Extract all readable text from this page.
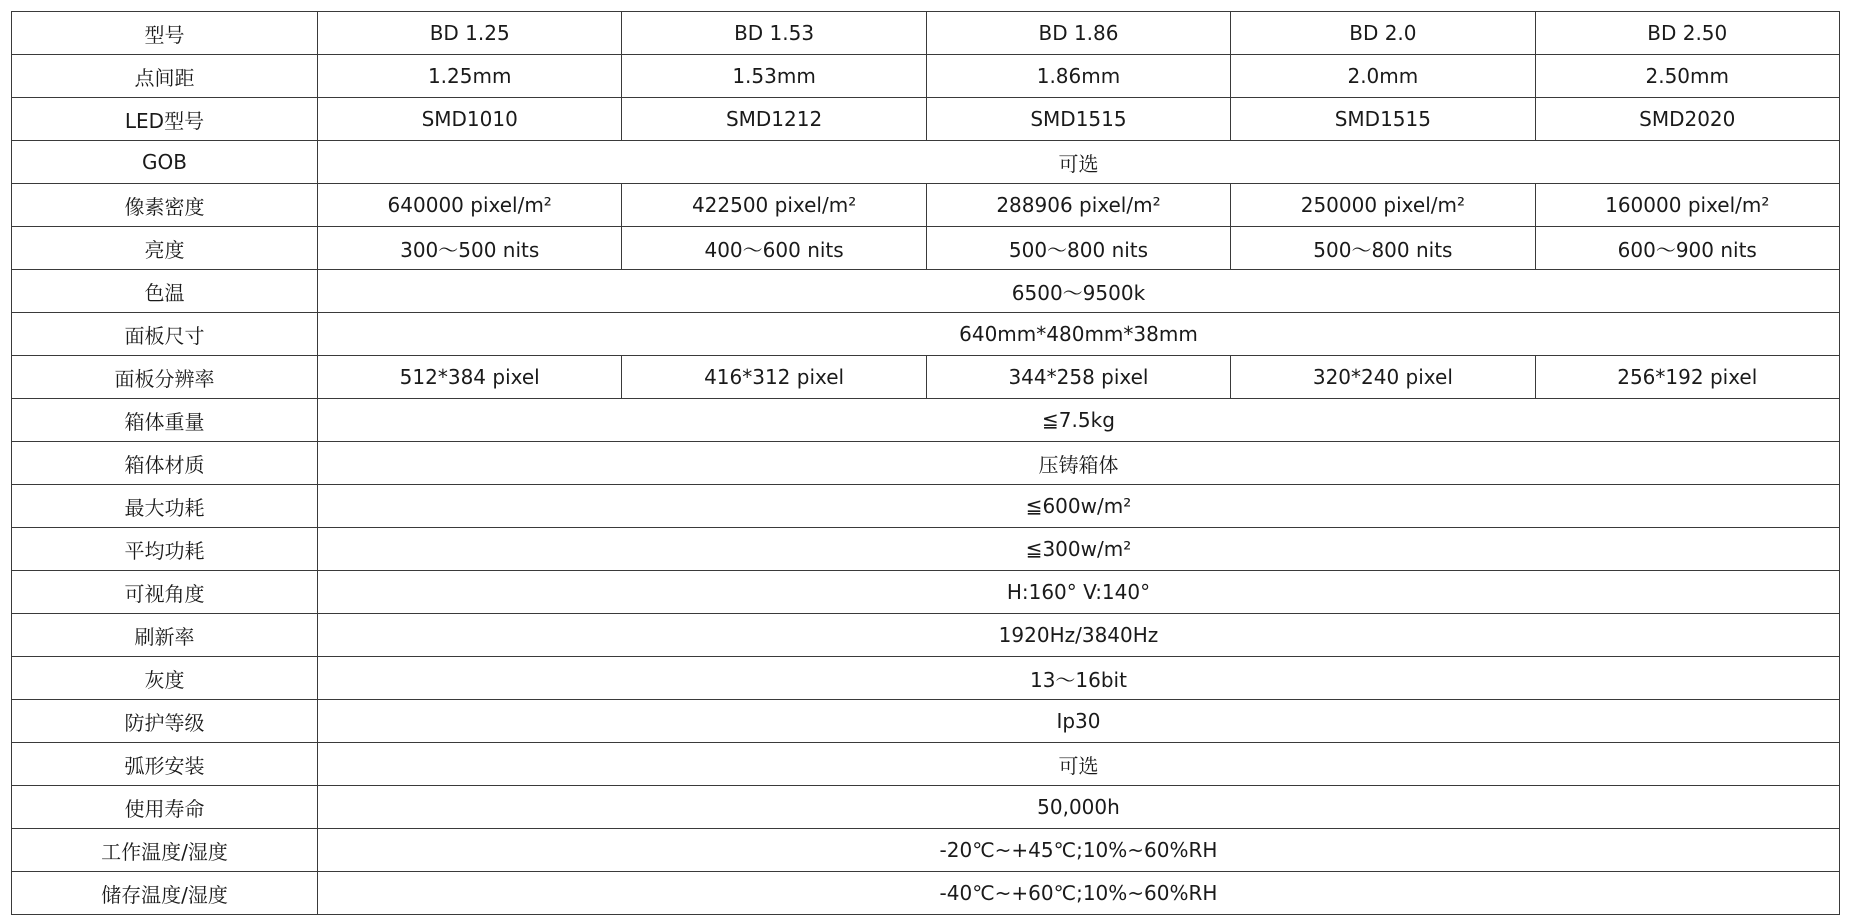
型号	BD 1.25	BD 1.53	BD 1.86	BD 2.0	BD 2.50
点间距	1.25mm	1.53mm	1.86mm	2.0mm	2.50mm
LED型号	SMD1010	SMD1212	SMD1515	SMD1515	SMD2020
GOB	可选				
像素密度	640000 pixel/m²	422500 pixel/m²	288906 pixel/m²	250000 pixel/m²	160000 pixel/m²
亮度	300～500 nits	400～600 nits	500～800 nits	500～800 nits	600～900 nits
色温	6500～9500k				
面板尺寸	640mm*480mm*38mm				
面板分辨率	512*384 pixel	416*312 pixel	344*258 pixel	320*240 pixel	256*192 pixel
箱体重量	≦7.5kg				
箱体材质	压铸箱体				
最大功耗	≦600w/m²				
平均功耗	≦300w/m²				
可视角度	H:160° V:140°				
刷新率	1920Hz/3840Hz				
灰度	13～16bit				
防护等级	Ip30				
弧形安装	可选				
使用寿命	50,000h				
工作温度/湿度	-20℃~+45℃;10%~60%RH				
储存温度/湿度	-40℃~+60℃;10%~60%RH				
